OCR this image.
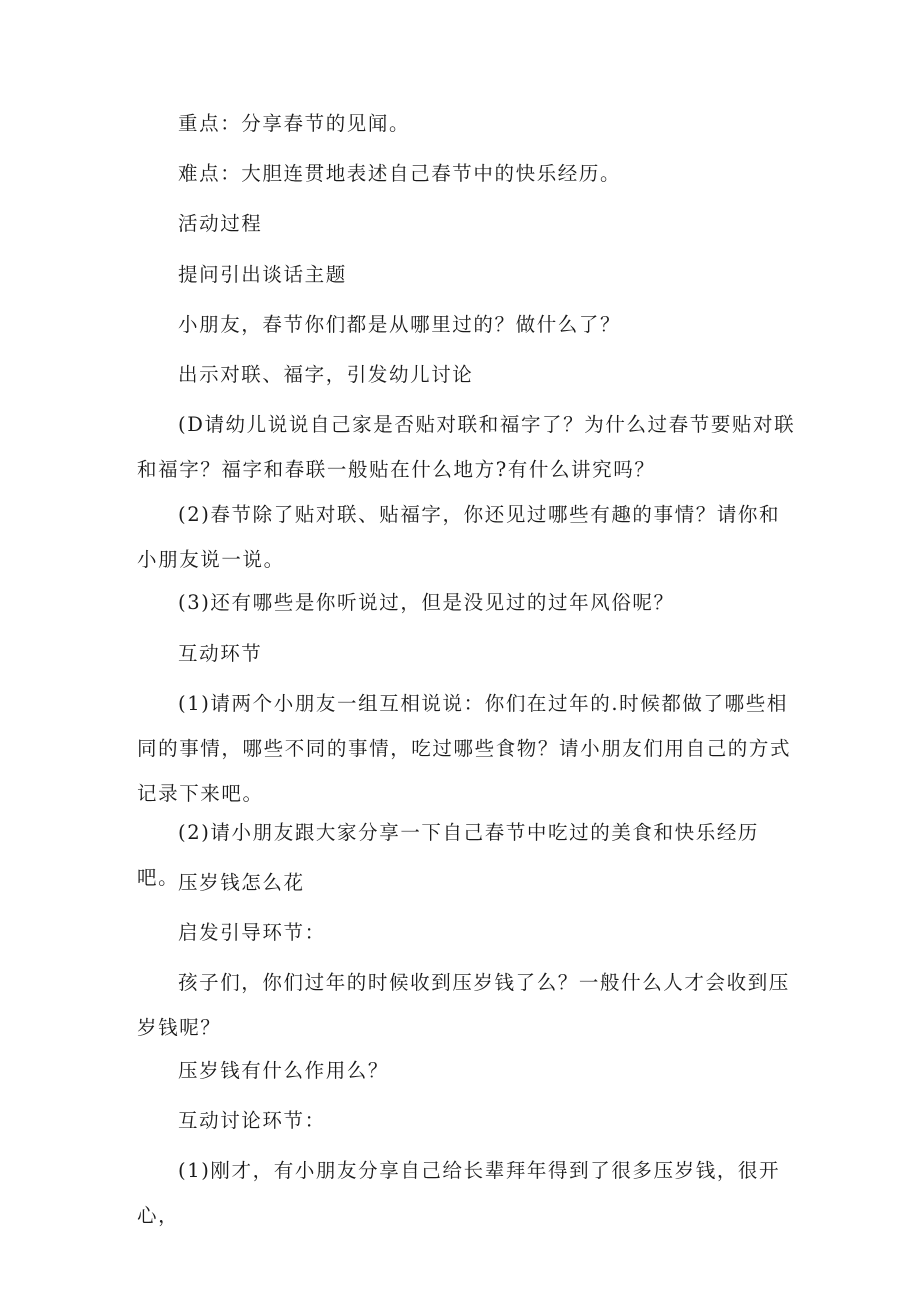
重点：分享春节的见闻。

难点：大胆连贯地表述自己春节中的快乐经历。

活动过程

提问引出谈话主题

小朋友，春节你们都是从哪里过的？做什么了？

出示对联、福字，引发幼儿讨论

(D请幼儿说说自己家是否贴对联和福字了？为什么过春节要贴对联和福字？福字和春联一般贴在什么地方?有什么讲究吗？

(2)春节除了贴对联、贴福字，你还见过哪些有趣的事情？请你和小朋友说一说。

(3)还有哪些是你听说过，但是没见过的过年风俗呢？

互动环节

(1)请两个小朋友一组互相说说：你们在过年的.时候都做了哪些相同的事情，哪些不同的事情，吃过哪些食物？请小朋友们用自己的方式记录下来吧。

(2)请小朋友跟大家分享一下自己春节中吃过的美食和快乐经历吧。

压岁钱怎么花

启发引导环节：

孩子们，你们过年的时候收到压岁钱了么？一般什么人才会收到压岁钱呢？

压岁钱有什么作用么？

互动讨论环节：

(1)刚才，有小朋友分享自己给长辈拜年得到了很多压岁钱，很开心，
